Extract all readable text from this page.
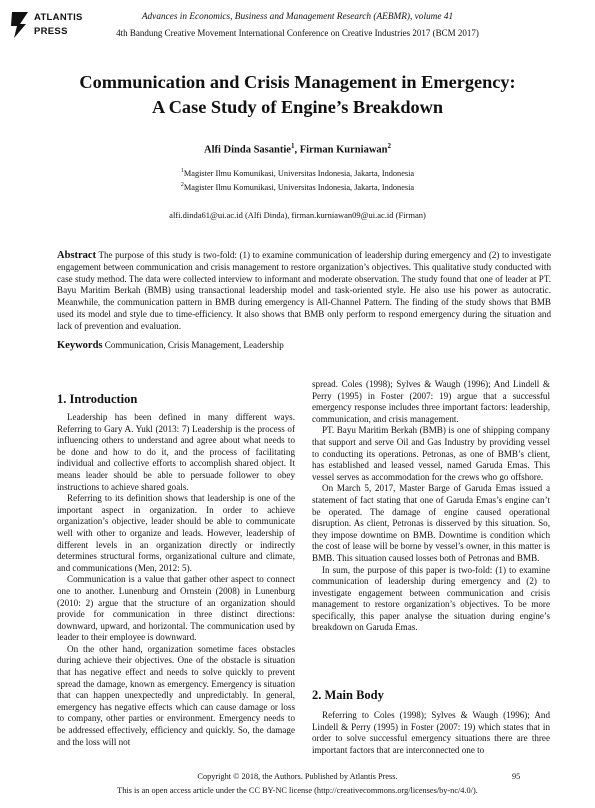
ATLANTIS
PRESS
Advances in Economics, Business and Management Research (AEBMR), volume 41
4th Bandung Creative Movement International Conference on Creative Industries 2017 (BCM 2017)
Communication and Crisis Management in Emergency:
A Case Study of Engine’s Breakdown
Alfi Dinda Sasantie$^1$, Firman Kurniawan$^2$
$^1$Magister Ilmu Komunikasi, Universitas Indonesia, Jakarta, Indonesia
$^2$Magister Ilmu Komunikasi, Universitas Indonesia, Jakarta, Indonesia
alfi.dinda61@ui.ac.id (Alfi Dinda), firman.kurniawan09@ui.ac.id (Firman)
Abstract The purpose of this study is two-fold: (1) to examine communication of leadership during emergency and (2) to investigate engagement between communication and crisis management to restore organization’s objectives. This qualitative study conducted with case study method. The data were collected interview to informant and moderate observation. The study found that one of leader at PT. Bayu Maritim Berkah (BMB) using transactional leadership model and task-oriented style. He also use his power as autocratic. Meanwhile, the communication pattern in BMB during emergency is All-Channel Pattern. The finding of the study shows that BMB used its model and style due to time-efficiency. It also shows that BMB only perform to respond emergency during the situation and lack of prevention and evaluation.
Keywords Communication, Crisis Management, Leadership
1. Introduction

Leadership has been defined in many different ways. Referring to Gary A. Yukl (2013: 7) Leadership is the process of influencing others to understand and agree about what needs to be done and how to do it, and the process of facilitating individual and collective efforts to accomplish shared object. It means leader should be able to persuade follower to obey instructions to achieve shared goals.

Referring to its definition shows that leadership is one of the important aspect in organization. In order to achieve organization’s objective, leader should be able to communicate well with other to organize and leads. However, leadership of different levels in an organization directly or indirectly determines structural forms, organizational culture and climate, and communications (Men, 2012: 5).

Communication is a value that gather other aspect to connect one to another. Lunenburg and Ornstein (2008) in Lunenburg (2010: 2) argue that the structure of an organization should provide for communication in three distinct directions: downward, upward, and horizontal. The communication used by leader to their employee is downward.

On the other hand, organization sometime faces obstacles during achieve their objectives. One of the obstacle is situation that has negative effect and needs to solve quickly to prevent spread the damage, known as emergency. Emergency is situation that can happen unexpectedly and unpredictably. In general, emergency has negative effects which can cause damage or loss to company, other parties or environment. Emergency needs to be addressed effectively, efficiency and quickly. So, the damage and the loss will not

spread. Coles (1998); Sylves & Waugh (1996); And Lindell & Perry (1995) in Foster (2007: 19) argue that a successful emergency response includes three important factors: leadership, communication, and crisis management.

PT. Bayu Maritim Berkah (BMB) is one of shipping company that support and serve Oil and Gas Industry by providing vessel to conducting its operations. Petronas, as one of BMB’s client, has established and leased vessel, named Garuda Emas. This vessel serves as accommodation for the crews who go offshore.

On March 5, 2017, Master Barge of Garuda Emas issued a statement of fact stating that one of Garuda Emas’s engine can’t be operated. The damage of engine caused operational disruption. As client, Petronas is disserved by this situation. So, they impose downtime on BMB. Downtime is condition which the cost of lease will be borne by vessel’s owner, in this matter is BMB. This situation caused losses both of Petronas and BMB.

In sum, the purpose of this paper is two-fold: (1) to examine communication of leadership during emergency and (2) to investigate engagement between communication and crisis management to restore organization’s objectives. To be more specifically, this paper analyse the situation during engine’s breakdown on Garuda Emas.

2. Main Body

Referring to Coles (1998); Sylves & Waugh (1996); And Lindell & Perry (1995) in Foster (2007: 19) which states that in order to solve successful emergency situations there are three important factors that are interconnected one to

Copyright © 2018, the Authors. Published by Atlantis Press.	95
This is an open access article under the CC BY-NC license (http://creativecommons.org/licenses/by-nc/4.0/).
